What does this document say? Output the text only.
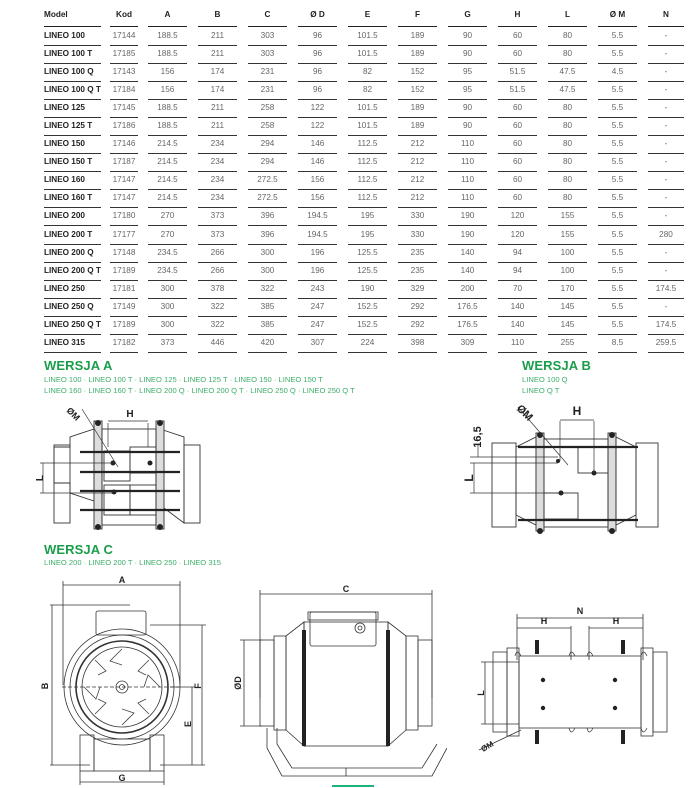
Model	Kod	A	B	C	Ø D	E	F	G	H	L	Ø M	N
LINEO 100	17144	188.5	211	303	96	101.5	189	90	60	80	5.5	-
LINEO 100 T	17185	188.5	211	303	96	101.5	189	90	60	80	5.5	-
LINEO 100 Q	17143	156	174	231	96	82	152	95	51.5	47.5	4.5	-
LINEO 100 Q T	17184	156	174	231	96	82	152	95	51.5	47.5	5.5	-
LINEO 125	17145	188.5	211	258	122	101.5	189	90	60	80	5.5	-
LINEO 125 T	17186	188.5	211	258	122	101.5	189	90	60	80	5.5	-
LINEO 150	17146	214.5	234	294	146	112.5	212	110	60	80	5.5	-
LINEO 150 T	17187	214.5	234	294	146	112.5	212	110	60	80	5.5	-
LINEO 160	17147	214.5	234	272.5	156	112.5	212	110	60	80	5.5	-
LINEO 160 T	17147	214.5	234	272.5	156	112.5	212	110	60	80	5.5	-
LINEO 200	17180	270	373	396	194.5	195	330	190	120	155	5.5	-
LINEO 200 T	17177	270	373	396	194.5	195	330	190	120	155	5.5	280
LINEO 200 Q	17148	234.5	266	300	196	125.5	235	140	94	100	5.5	-
LINEO 200 Q T	17189	234.5	266	300	196	125.5	235	140	94	100	5.5	-
LINEO 250	17181	300	378	322	243	190	329	200	70	170	5.5	174.5
LINEO 250 Q	17149	300	322	385	247	152.5	292	176.5	140	145	5.5	-
LINEO 250 Q T	17189	300	322	385	247	152.5	292	176.5	140	145	5.5	174.5
LINEO 315	17182	373	446	420	307	224	398	309	110	255	8.5	259.5
WERSJA A
LINEO 100 · LINEO 100 T · LINEO 125 · LINEO 125 T · LINEO 150 · LINEO 150 T
LINEO 160 · LINEO 160 T · LINEO 200 Q · LINEO 200 Q T · LINEO 250 Q · LINEO 250 Q T
WERSJA B
LINEO 100 Q
LINEO Q T
WERSJA C
LINEO 200 · LINEO 200 T · LINEO 250 · LINEO 315
H
L
ØM	H
L
16,5
ØM
A
B	F
E
G
C
ØD
N
H	H
L
ØM
